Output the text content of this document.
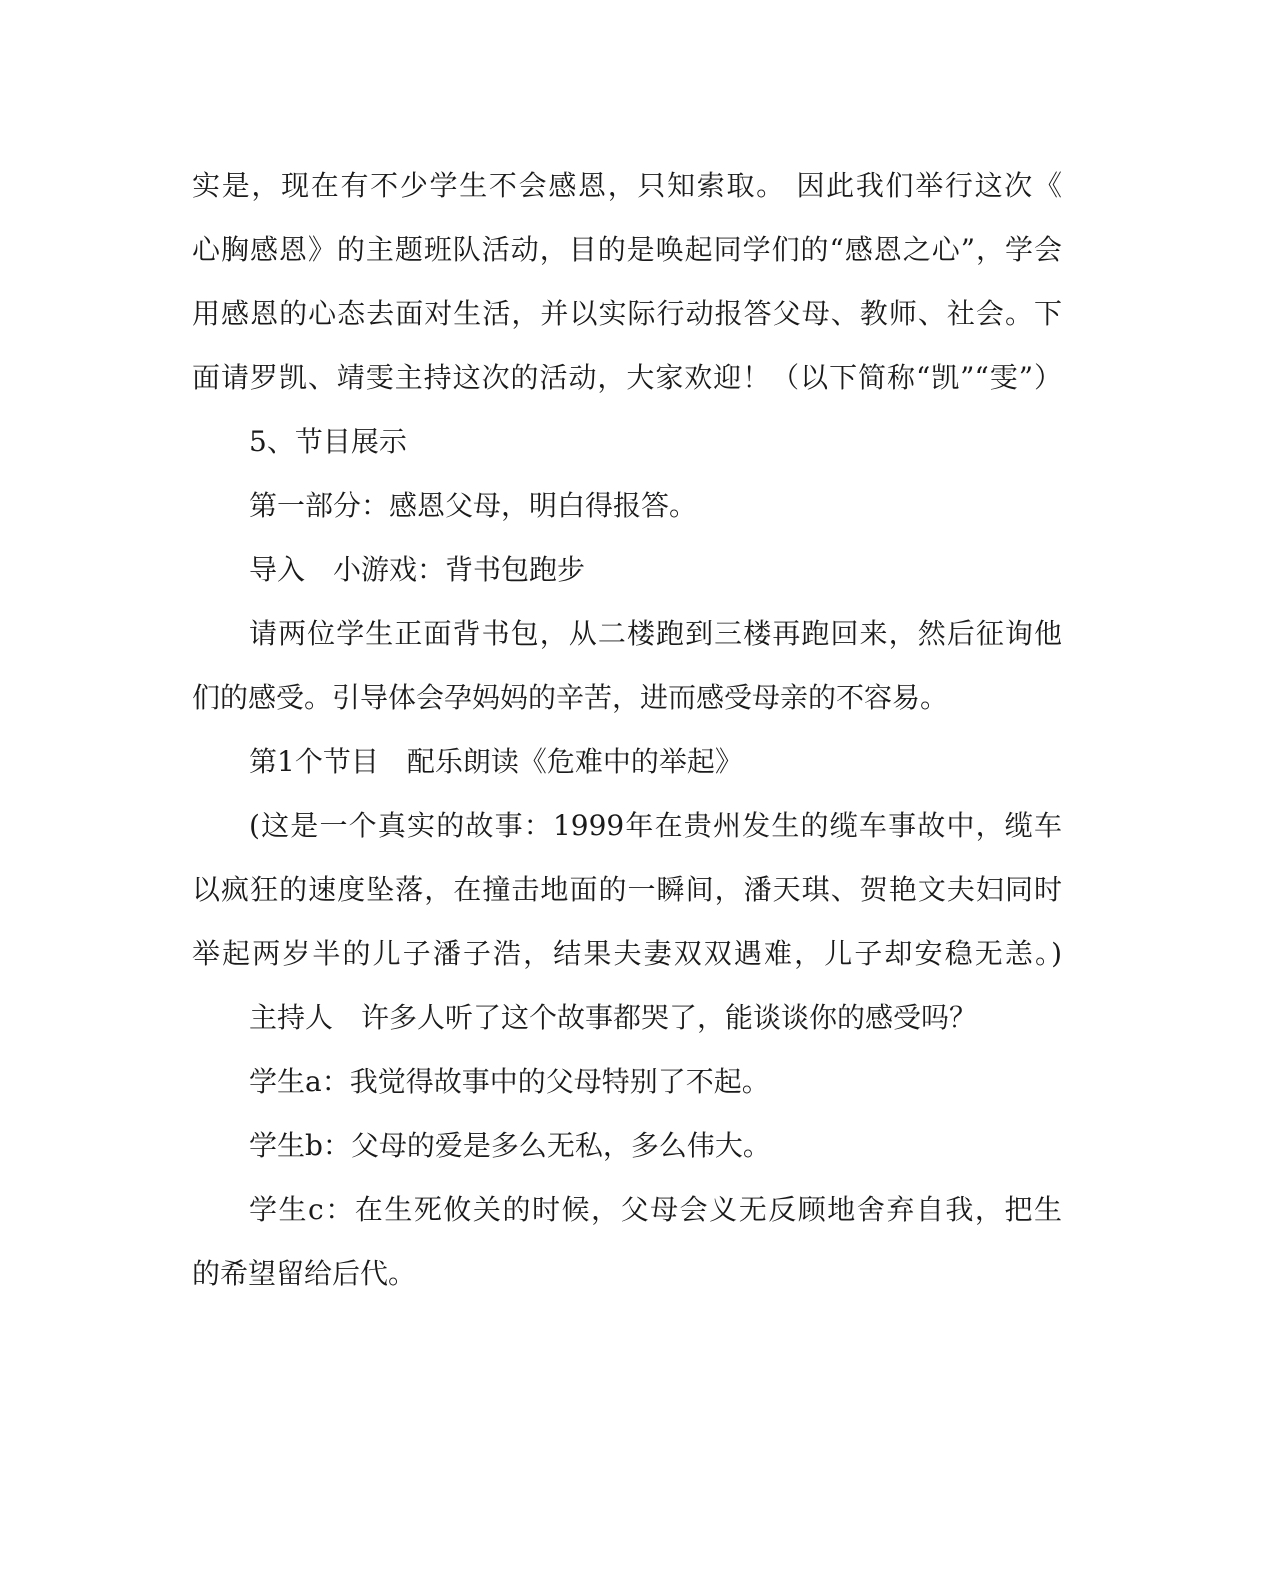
实是，现在有不少学生不会感恩，只知索取。 因此我们举行这次《
心胸感恩》的主题班队活动，目的是唤起同学们的“感恩之心”，学会
用感恩的心态去面对生活，并以实际行动报答父母、教师、社会。下
面请罗凯、靖雯主持这次的活动，大家欢迎！（以下简称“凯”“雯”）
5、节目展示
第一部分：感恩父母，明白得报答。
导入　小游戏：背书包跑步
请两位学生正面背书包，从二楼跑到三楼再跑回来，然后征询他
们的感受。引导体会孕妈妈的辛苦，进而感受母亲的不容易。
第1个节目　配乐朗读《危难中的举起》
(这是一个真实的故事：1999年在贵州发生的缆车事故中，缆车
以疯狂的速度坠落，在撞击地面的一瞬间，潘天琪、贺艳文夫妇同时
举起两岁半的儿子潘子浩，结果夫妻双双遇难，儿子却安稳无恙。)
主持人　许多人听了这个故事都哭了，能谈谈你的感受吗？
学生a：我觉得故事中的父母特别了不起。
学生b：父母的爱是多么无私，多么伟大。
学生c：在生死攸关的时候，父母会义无反顾地舍弃自我，把生
的希望留给后代。
